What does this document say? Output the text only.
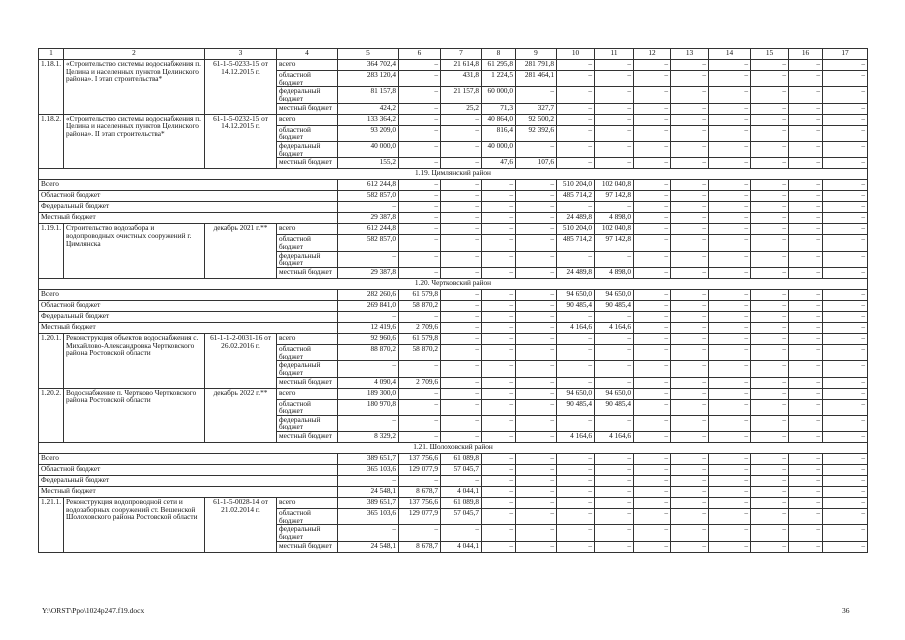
1	2	3	4	5	6	7	8	9	10	11	12	13	14	15	16	17
1.18.1.	«Строительство системы водоснабжения п. Целина и населенных пунктов Целинского района». I этап строительства*	61-1-5-0233-15 от 14.12.2015 г.	всего	364 702,4	–	21 614,8	61 295,8	281 791,8	–	–	–	–	–	–	–	–
			областной бюджет	283 120,4	–	431,8	1 224,5	281 464,1	–	–	–	–	–	–	–	–
			федеральный бюджет	81 157,8	–	21 157,8	60 000,0	–	–	–	–	–	–	–	–	–
			местный бюджет	424,2	–	25,2	71,3	327,7	–	–	–	–	–	–	–	–
1.18.2.	«Строительство системы водоснабжения п. Целина и населенных пунктов Целинского района». II этап строительства*	61-1-5-0232-15 от 14.12.2015 г.	всего	133 364,2	–	–	40 864,0	92 500,2	–	–	–	–	–	–	–	–
			областной бюджет	93 209,0	–	–	816,4	92 392,6	–	–	–	–	–	–	–	–
			федеральный бюджет	40 000,0	–	–	40 000,0	–	–	–	–	–	–	–	–	–
			местный бюджет	155,2	–	–	47,6	107,6	–	–	–	–	–	–	–	–
1.19. Цимлянский район																
Всего				612 244,8	–	–	–	–	510 204,0	102 040,8	–	–	–	–	–	–
Областной бюджет				582 857,0	–	–	–	–	485 714,2	97 142,8	–	–	–	–	–	–
Федеральный бюджет				–	–	–	–	–	–	–	–	–	–	–	–	–
Местный бюджет				29 387,8	–	–	–	–	24 489,8	4 898,0	–	–	–	–	–	–
1.19.1.	Строительство водозабора и водопроводных очистных сооружений г. Цимлянска	декабрь 2021 г.**	всего	612 244,8	–	–	–	–	510 204,0	102 040,8	–	–	–	–	–	–
			областной бюджет	582 857,0	–	–	–	–	485 714,2	97 142,8	–	–	–	–	–	–
			федеральный бюджет	–	–	–	–	–	–	–	–	–	–	–	–	–
			местный бюджет	29 387,8	–	–	–	–	24 489,8	4 898,0	–	–	–	–	–	–
1.20. Чертковский район																
Всего				282 260,6	61 579,8	–	–	–	94 650,0	94 650,0	–	–	–	–	–	–
Областной бюджет				269 841,0	58 870,2	–	–	–	90 485,4	90 485,4	–	–	–	–	–	–
Федеральный бюджет				–	–	–	–	–	–	–	–	–	–	–	–	–
Местный бюджет				12 419,6	2 709,6	–	–	–	4 164,6	4 164,6	–	–	–	–	–	–
1.20.1.	Реконструкция объектов водоснабжения с. Михайлово-Александровка Чертковского района Ростовской области	61-1-1-2-0031-16 от 26.02.2016 г.	всего	92 960,6	61 579,8	–	–	–	–	–	–	–	–	–	–	–
			областной бюджет	88 870,2	58 870,2	–	–	–	–	–	–	–	–	–	–	–
			федеральный бюджет	–	–	–	–	–	–	–	–	–	–	–	–	–
			местный бюджет	4 090,4	2 709,6	–	–	–	–	–	–	–	–	–	–	–
1.20.2.	Водоснабжение п. Чертково Чертковского района Ростовской области	декабрь 2022 г.**	всего	189 300,0	–	–	–	–	94 650,0	94 650,0	–	–	–	–	–	–
			областной бюджет	180 970,8	–	–	–	–	90 485,4	90 485,4	–	–	–	–	–	–
			федеральный бюджет	–	–	–	–	–	–	–	–	–	–	–	–	–
			местный бюджет	8 329,2	–	–	–	–	4 164,6	4 164,6	–	–	–	–	–	–
1.21. Шолоховский район																
Всего				389 651,7	137 756,6	61 089,8	–	–	–	–	–	–	–	–	–	–
Областной бюджет				365 103,6	129 077,9	57 045,7	–	–	–	–	–	–	–	–	–	–
Федеральный бюджет				–	–	–	–	–	–	–	–	–	–	–	–	–
Местный бюджет				24 548,1	8 678,7	4 044,1	–	–	–	–	–	–	–	–	–	–
1.21.1.	Реконструкция водопроводной сети и водозаборных сооружений ст. Вешенской Шолоховского района Ростовской области	61-1-5-0028-14 от 21.02.2014 г.	всего	389 651,7	137 756,6	61 089,8	–	–	–	–	–	–	–	–	–	–
			областной бюджет	365 103,6	129 077,9	57 045,7	–	–	–	–	–	–	–	–	–	–
			федеральный бюджет	–	–	–	–	–	–	–	–	–	–	–	–	–
			местный бюджет	24 548,1	8 678,7	4 044,1	–	–	–	–	–	–	–	–	–	–
Y:\ORST\Ppo\1024p247.f19.docx	36
